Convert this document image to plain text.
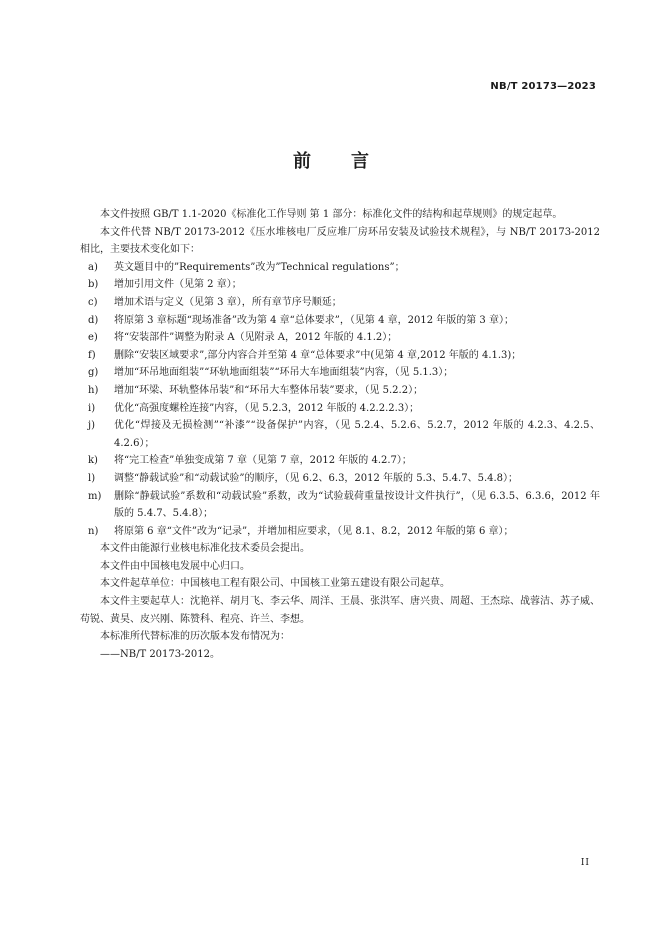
NB/T 20173—2023
前言
本文件按照 GB/T 1.1-2020《标准化工作导则 第 1 部分：标准化文件的结构和起草规则》的规定起草。
本文件代替 NB/T 20173-2012《压水堆核电厂反应堆厂房环吊安装及试验技术规程》，与 NB/T 20173-2012 相比，主要技术变化如下：
a) 英文题目中的”Requirements”改为”Technical regulations”；
b) 增加引用文件（见第 2 章）；
c) 增加术语与定义（见第 3 章），所有章节序号顺延；
d) 将原第 3 章标题“现场准备”改为第 4 章“总体要求”，（见第 4 章，2012 年版的第 3 章）；
e) 将“安装部件”调整为附录 A（见附录 A，2012 年版的 4.1.2）；
f) 删除“安装区域要求”,部分内容合并至第 4 章“总体要求”中(见第 4 章,2012 年版的 4.1.3)；
g) 增加“环吊地面组装”“环轨地面组装”“环吊大车地面组装”内容，（见 5.1.3）；
h) 增加“环梁、环轨整体吊装”和“环吊大车整体吊装”要求，（见 5.2.2）；
i) 优化“高强度螺栓连接”内容，（见 5.2.3，2012 年版的 4.2.2.2.3）；
j) 优化“焊接及无损检测”“补漆”“设备保护”内容，（见 5.2.4、5.2.6、5.2.7，2012 年版的 4.2.3、4.2.5、4.2.6）；
k) 将“完工检查”单独变成第 7 章（见第 7 章，2012 年版的 4.2.7）；
l) 调整“静载试验”和“动载试验”的顺序，（见 6.2、6.3，2012 年版的 5.3、5.4.7、5.4.8）；
m) 删除“静载试验”系数和“动载试验”系数，改为“试验载荷重量按设计文件执行”，（见 6.3.5、6.3.6，2012 年版的 5.4.7、5.4.8）；
n) 将原第 6 章“文件”改为“记录”，并增加相应要求，（见 8.1、8.2，2012 年版的第 6 章）；
本文件由能源行业核电标准化技术委员会提出。
本文件由中国核电发展中心归口。
本文件起草单位：中国核电工程有限公司、中国核工业第五建设有限公司起草。
本文件主要起草人：沈艳祥、胡月飞、李云华、周洋、王晨、张洪军、唐兴贵、周超、王杰琮、战蓉洁、苏子威、苟锐、黄昊、皮兴刚、陈赞科、程亮、许兰、李想。
本标准所代替标准的历次版本发布情况为：
——NB/T 20173-2012。
II
